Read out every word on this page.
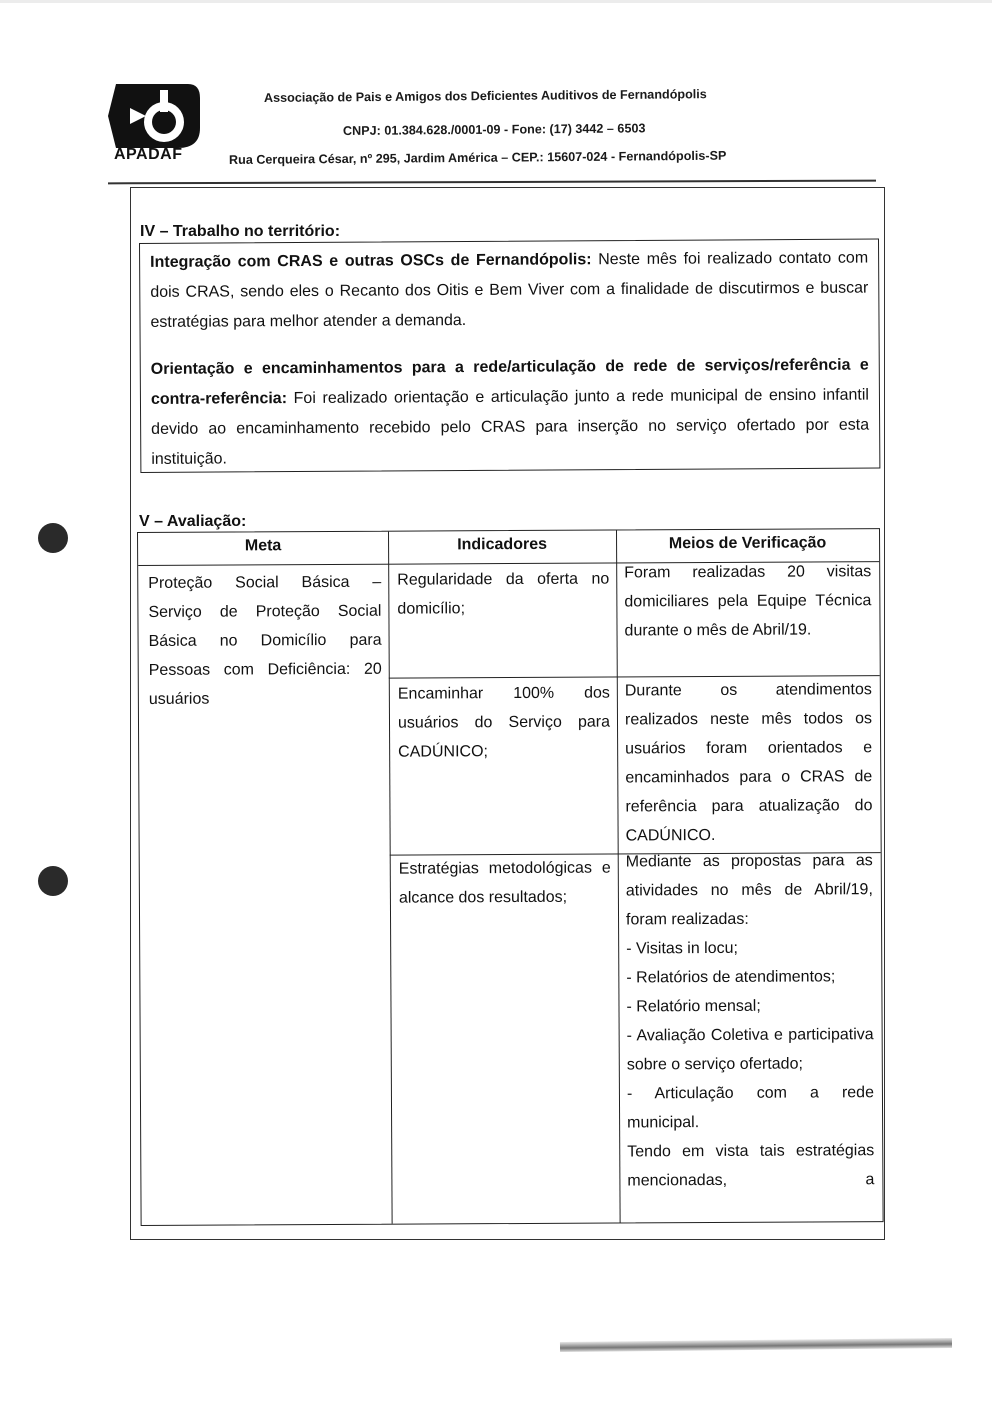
APADAF
Associação de Pais e Amigos dos Deficientes Auditivos de Fernandópolis
CNPJ: 01.384.628./0001-09 - Fone: (17) 3442 – 6503
Rua Cerqueira César, nº 295, Jardim América – CEP.: 15607-024 - Fernandópolis-SP
IV – Trabalho no território:
Integração com CRAS e outras OSCs de Fernandópolis: Neste mês foi realizado contato com dois CRAS, sendo eles o Recanto dos Oitis e Bem Viver com a finalidade de discutirmos e buscar estratégias para melhor atender a demanda.
Orientação e encaminhamentos para a rede/articulação de rede de serviços/referência e contra-referência: Foi realizado orientação e articulação junto a rede municipal de ensino infantil devido ao encaminhamento recebido pelo CRAS para inserção no serviço ofertado por esta instituição.
V – Avaliação:
Meta	Indicadores	Meios de Verificação
Proteção Social Básica – Serviço de Proteção Social Básica no Domicílio para Pessoas com Deficiência: 20 usuários
Regularidade da oferta no domicílio;
Foram realizadas 20 visitas domiciliares pela Equipe Técnica durante o mês de Abril/19.
Encaminhar 100% dos usuários do Serviço para CADÚNICO;
Durante os atendimentos realizados neste mês todos os usuários foram orientados e encaminhados para o CRAS de referência para atualização do CADÚNICO.
Estratégias metodológicas e alcance dos resultados;
Mediante as propostas para as atividades no mês de Abril/19, foram realizadas:
- Visitas in locu;
- Relatórios de atendimentos;
- Relatório mensal;
- Avaliação Coletiva e participativa sobre o serviço ofertado;
- Articulação com a rede municipal.
Tendo em vista tais estratégias mencionadas, a
